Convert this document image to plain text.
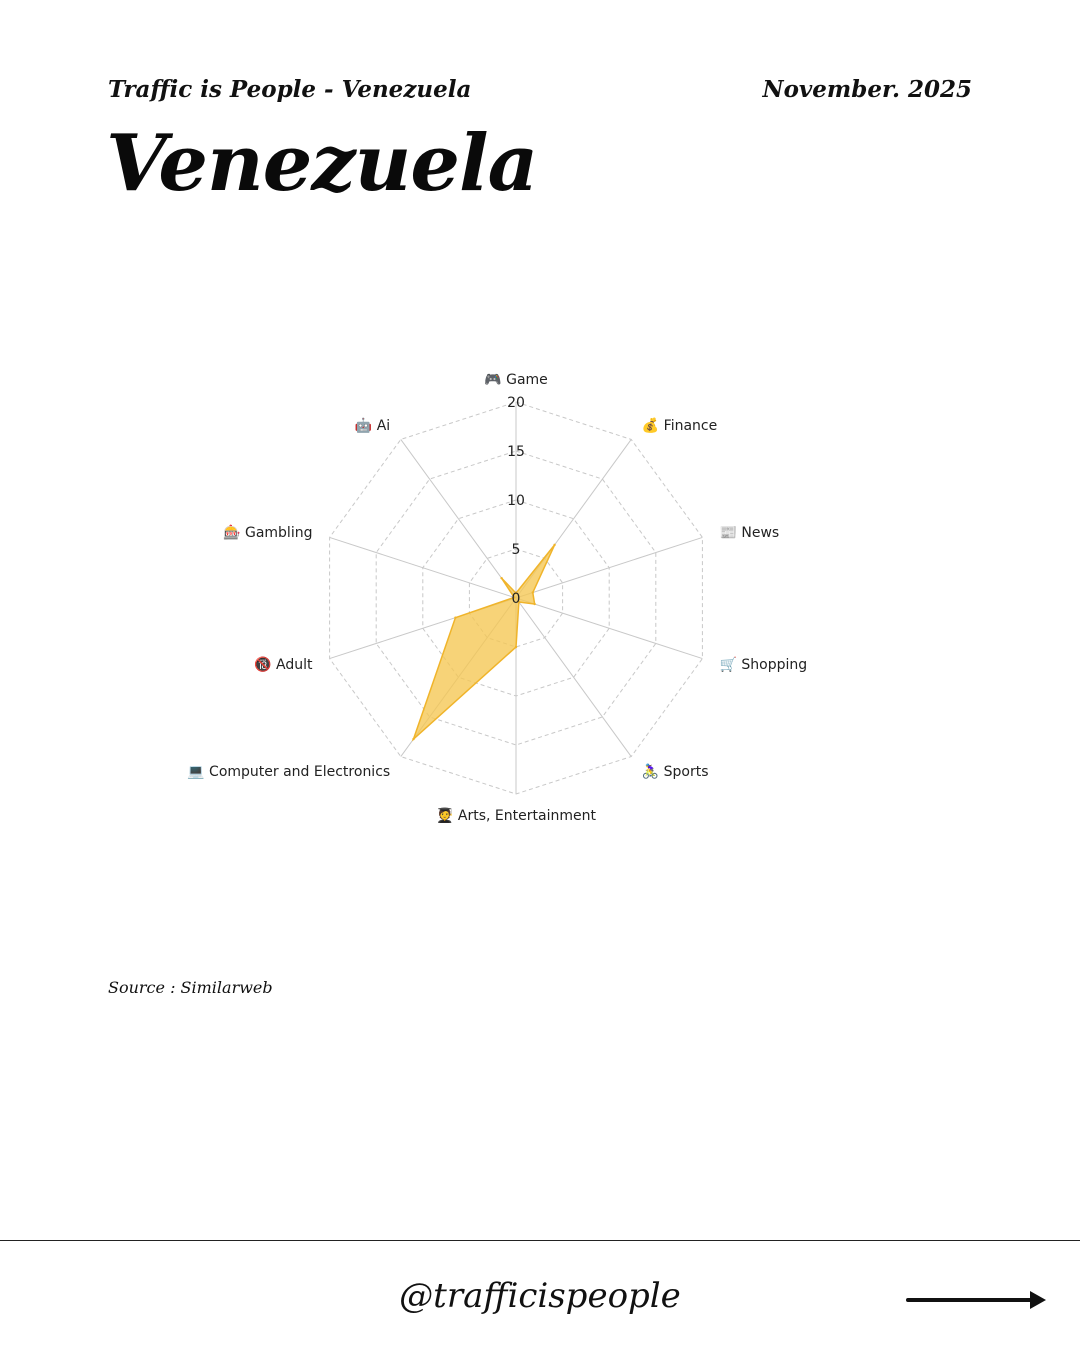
Traffic is People - Venezuela	November. 2025
Venezuela
0
5
10
15
20
🎮 Game
💰 Finance
📰 News
🛒 Shopping
🚴‍♀️ Sports
🧑‍🎓 Arts, Entertainment
💻 Computer and Electronics
🔞 Adult
🎰 Gambling
🤖 Ai
Source : Similarweb
@trafficispeople
